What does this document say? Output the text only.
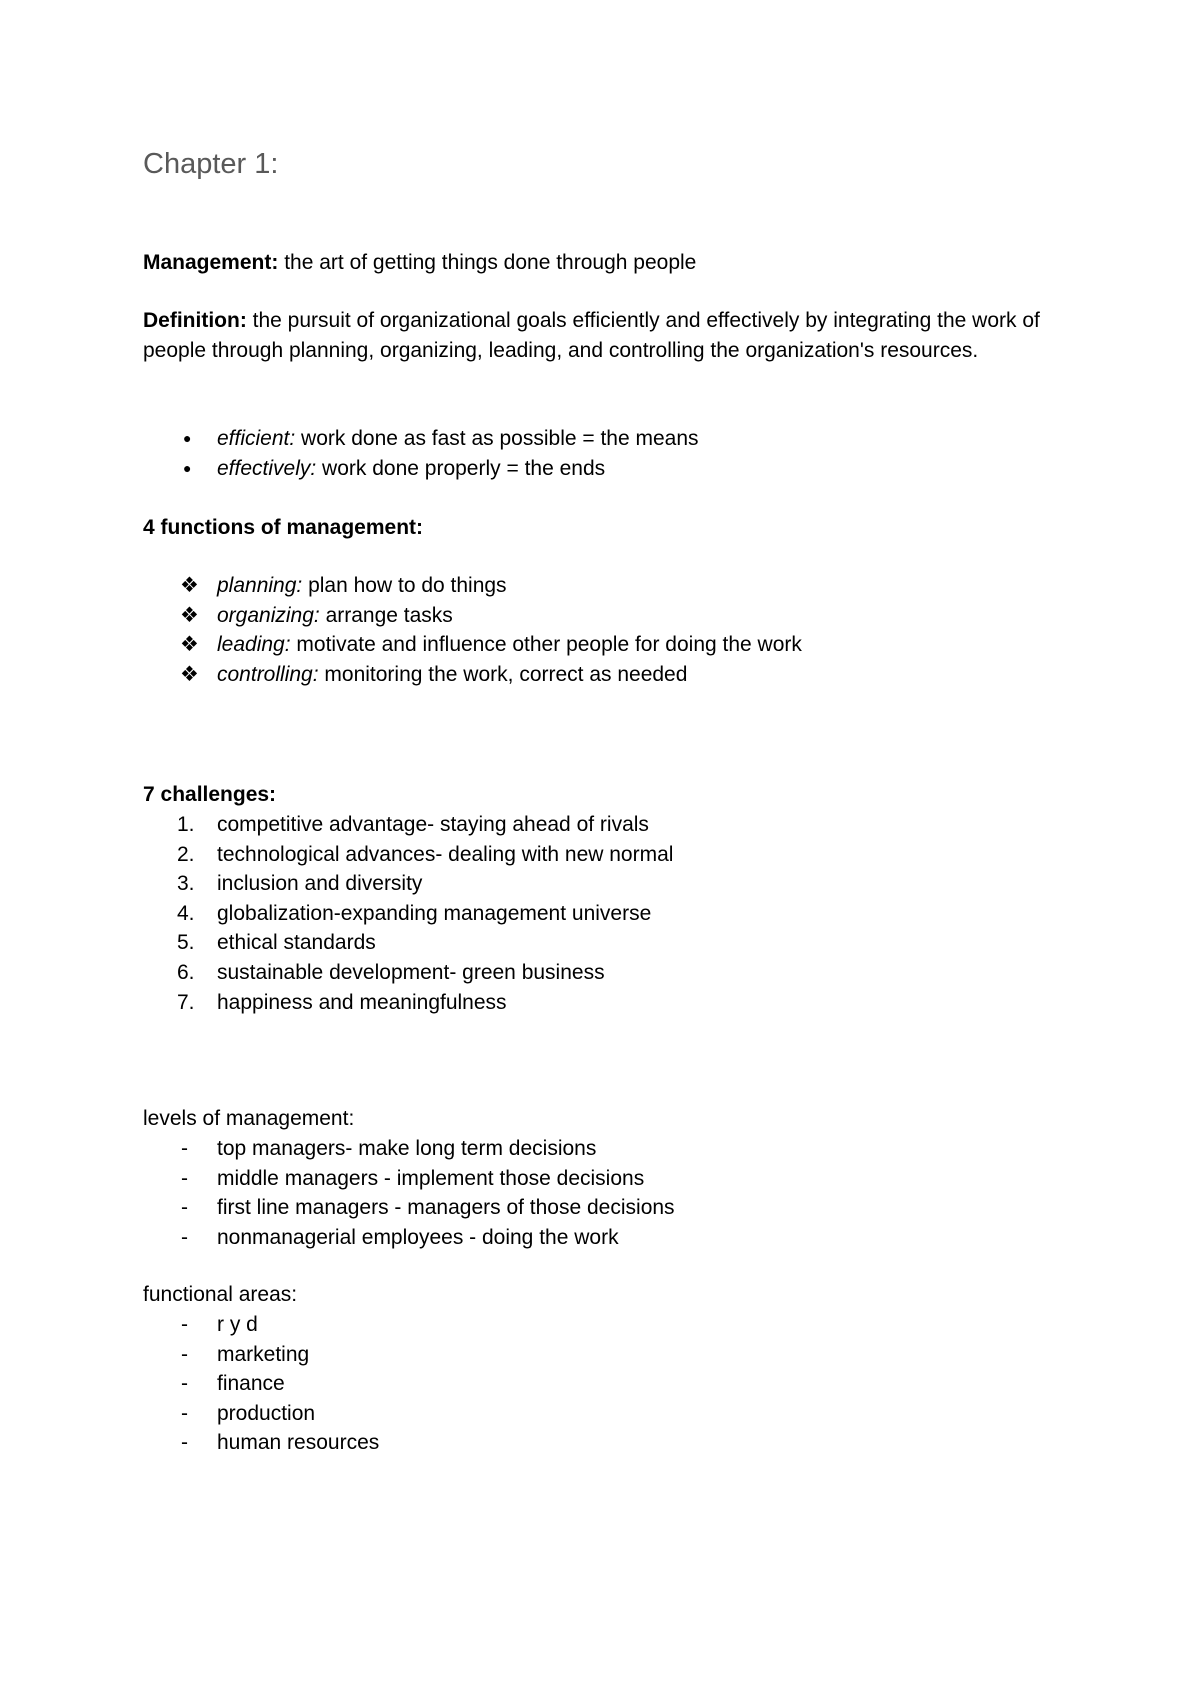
Chapter 1:

Management: the art of getting things done through people

Definition: the pursuit of organizational goals efficiently and effectively by integrating the work of people through planning, organizing, leading, and controlling the organization's resources.

● efficient: work done as fast as possible = the means
● effectively: work done properly = the ends

4 functions of management:

❖ planning: plan how to do things
❖ organizing: arrange tasks
❖ leading: motivate and influence other people for doing the work
❖ controlling: monitoring the work, correct as needed

7 challenges:

1.	competitive advantage- staying ahead of rivals
2.	technological advances- dealing with new normal
3.	inclusion and diversity
4.	globalization-expanding management universe
5.	ethical standards
6.	sustainable development- green business
7.	happiness and meaningfulness

levels of management:

- top managers- make long term decisions
- middle managers - implement those decisions
- first line managers - managers of those decisions
- nonmanagerial employees - doing the work

functional areas:

- r y d
- marketing
- finance
- production
- human resources
